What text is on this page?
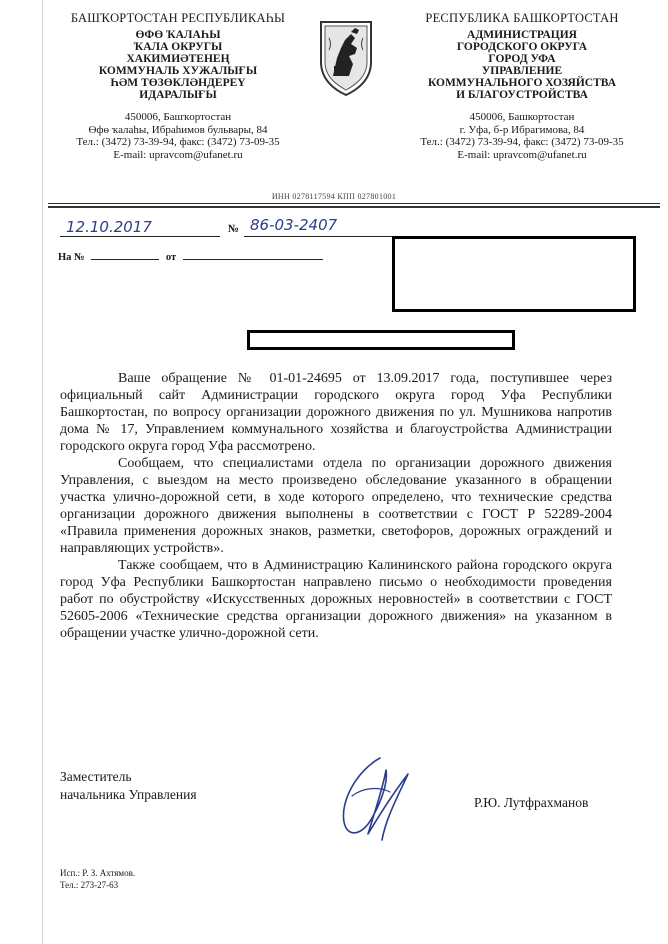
БАШҠОРТОСТАН РЕСПУБЛИКАҺЫ
ӨФӨ ҠАЛАҺЫ
ҠАЛА ОКРУГЫ
ХАКИМИӘТЕНЕҢ
КОММУНАЛЬ ХУЖАЛЫҒЫ
ҺӘМ ТӨЗӨКЛӘНДЕРЕҮ
ИДАРАЛЫҒЫ
450006, Башҡортостан
Өфө ҡалаһы, Ибраһимов бульвары, 84
Тел.: (3472) 73-39-94, факс: (3472) 73-09-35
E-mail: upravcom@ufanet.ru
РЕСПУБЛИКА БАШКОРТОСТАН
АДМИНИСТРАЦИЯ
ГОРОДСКОГО ОКРУГА
ГОРОД УФА
УПРАВЛЕНИЕ
КОММУНАЛЬНОГО ХОЗЯЙСТВА
И БЛАГОУСТРОЙСТВА
450006, Башкортостан
г. Уфа, б-р Ибрагимова, 84
Тел.: (3472) 73-39-94, факс: (3472) 73-09-35
E-mail: upravcom@ufanet.ru
ИНН 0278117594 КПП 027801001
12.10.2017	№ 86-03-2407
На №	от

Ваше обращение № 01-01-24695 от 13.09.2017 года, поступившее через официальный сайт Администрации городского округа город Уфа Республики Башкортостан, по вопросу организации дорожного движения по ул. Мушникова напротив дома № 17, Управлением коммунального хозяйства и благоустройства Администрации городского округа город Уфа рассмотрено.

Сообщаем, что специалистами отдела по организации дорожного движения Управления, с выездом на место произведено обследование указанного в обращении участка улично-дорожной сети, в ходе которого определено, что технические средства организации дорожного движения выполнены в соответствии с ГОСТ Р 52289-2004 «Правила применения дорожных знаков, разметки, светофоров, дорожных ограждений и направляющих устройств».

Также сообщаем, что в Администрацию Калининского района городского округа город Уфа Республики Башкортостан направлено письмо о необходимости проведения работ по обустройству «Искусственных дорожных неровностей» в соответствии с ГОСТ 52605-2006 «Технические средства организации дорожного движения» на указанном в обращении участке улично-дорожной сети.

Заместитель
начальника Управления
Р.Ю. Лутфрахманов
Исп.: Р. З. Ахтямов.
Тел.: 273-27-63
